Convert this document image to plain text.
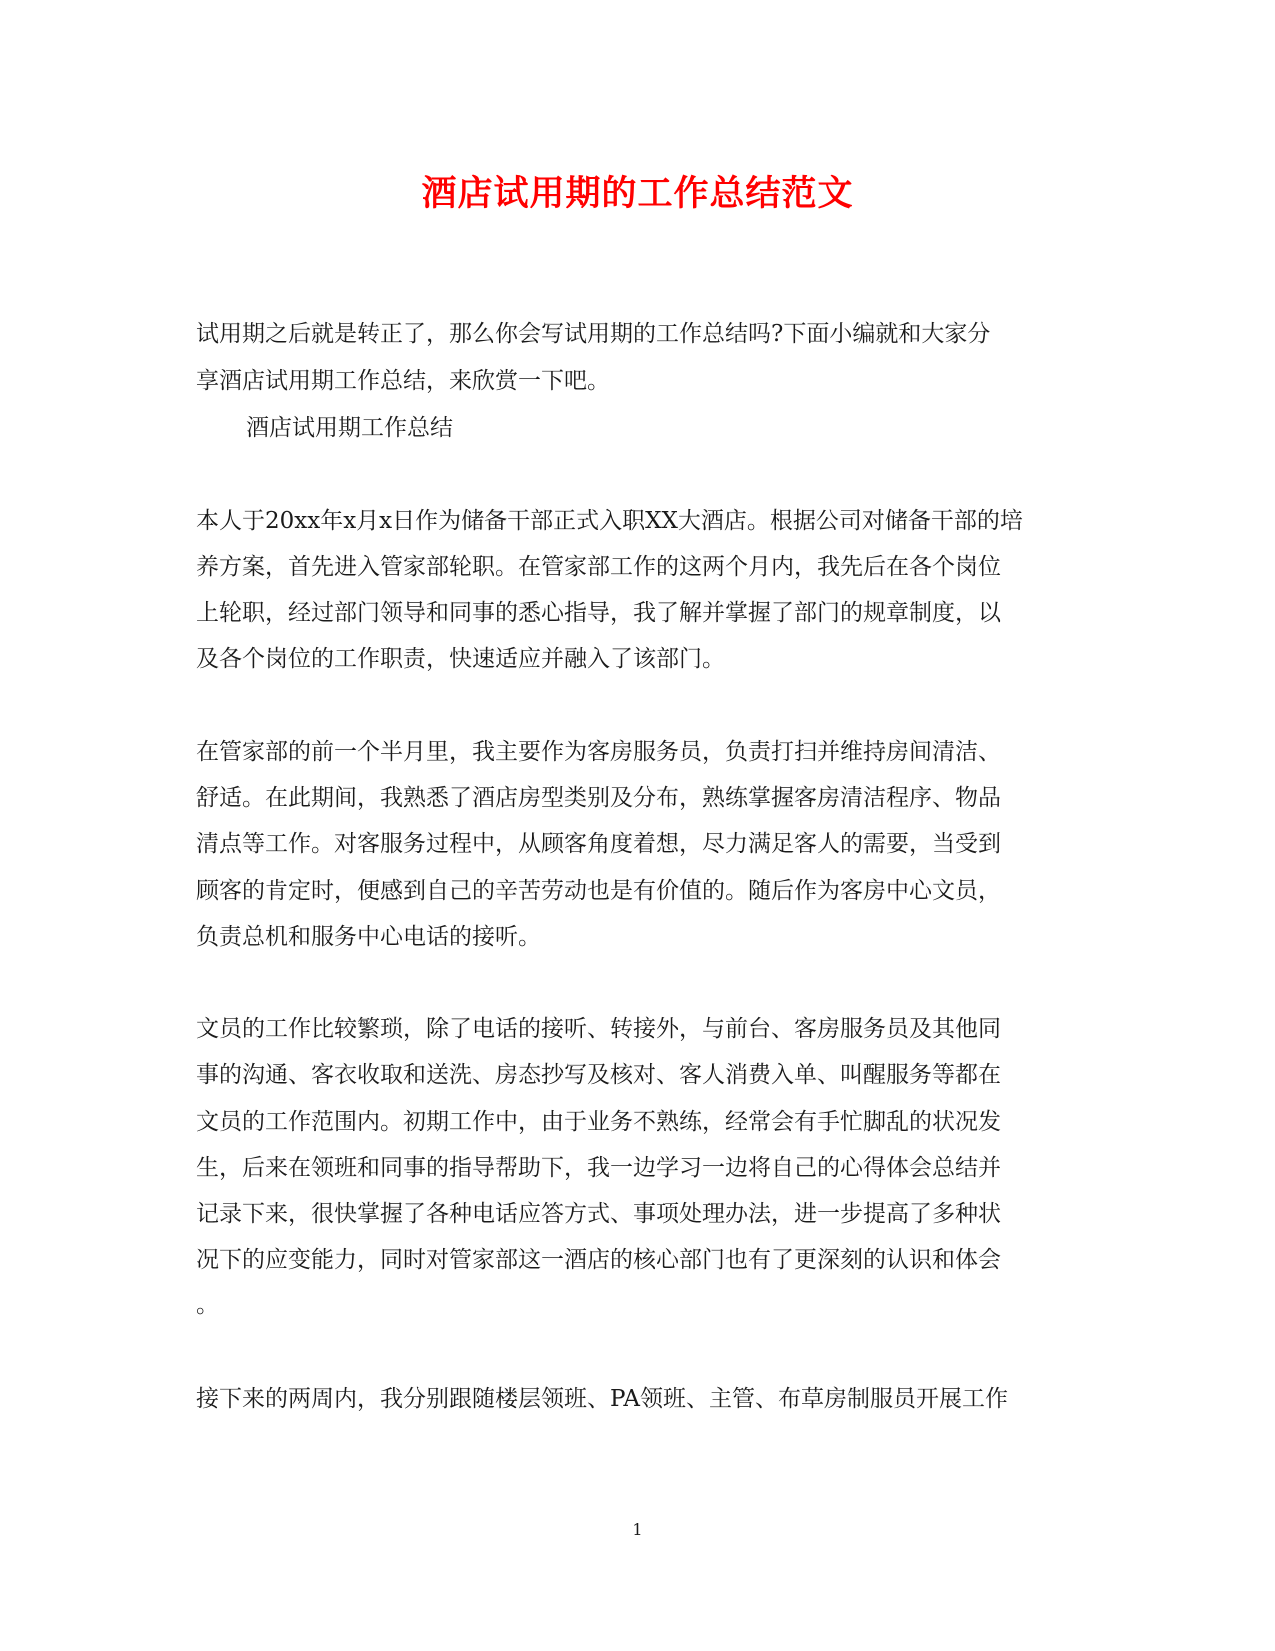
酒店试用期的工作总结范文

试用期之后就是转正了，那么你会写试用期的工作总结吗?下面小编就和大家分

享酒店试用期工作总结，来欣赏一下吧。

酒店试用期工作总结

本人于20xx年x月x日作为储备干部正式入职XX大酒店。根据公司对储备干部的培

养方案，首先进入管家部轮职。在管家部工作的这两个月内，我先后在各个岗位

上轮职，经过部门领导和同事的悉心指导，我了解并掌握了部门的规章制度，以

及各个岗位的工作职责，快速适应并融入了该部门。

在管家部的前一个半月里，我主要作为客房服务员，负责打扫并维持房间清洁、

舒适。在此期间，我熟悉了酒店房型类别及分布，熟练掌握客房清洁程序、物品

清点等工作。对客服务过程中，从顾客角度着想，尽力满足客人的需要，当受到

顾客的肯定时，便感到自己的辛苦劳动也是有价值的。随后作为客房中心文员，

负责总机和服务中心电话的接听。

文员的工作比较繁琐，除了电话的接听、转接外，与前台、客房服务员及其他同

事的沟通、客衣收取和送洗、房态抄写及核对、客人消费入单、叫醒服务等都在

文员的工作范围内。初期工作中，由于业务不熟练，经常会有手忙脚乱的状况发

生，后来在领班和同事的指导帮助下，我一边学习一边将自己的心得体会总结并

记录下来，很快掌握了各种电话应答方式、事项处理办法，进一步提高了多种状

况下的应变能力，同时对管家部这一酒店的核心部门也有了更深刻的认识和体会

。

接下来的两周内，我分别跟随楼层领班、PA领班、主管、布草房制服员开展工作

1
